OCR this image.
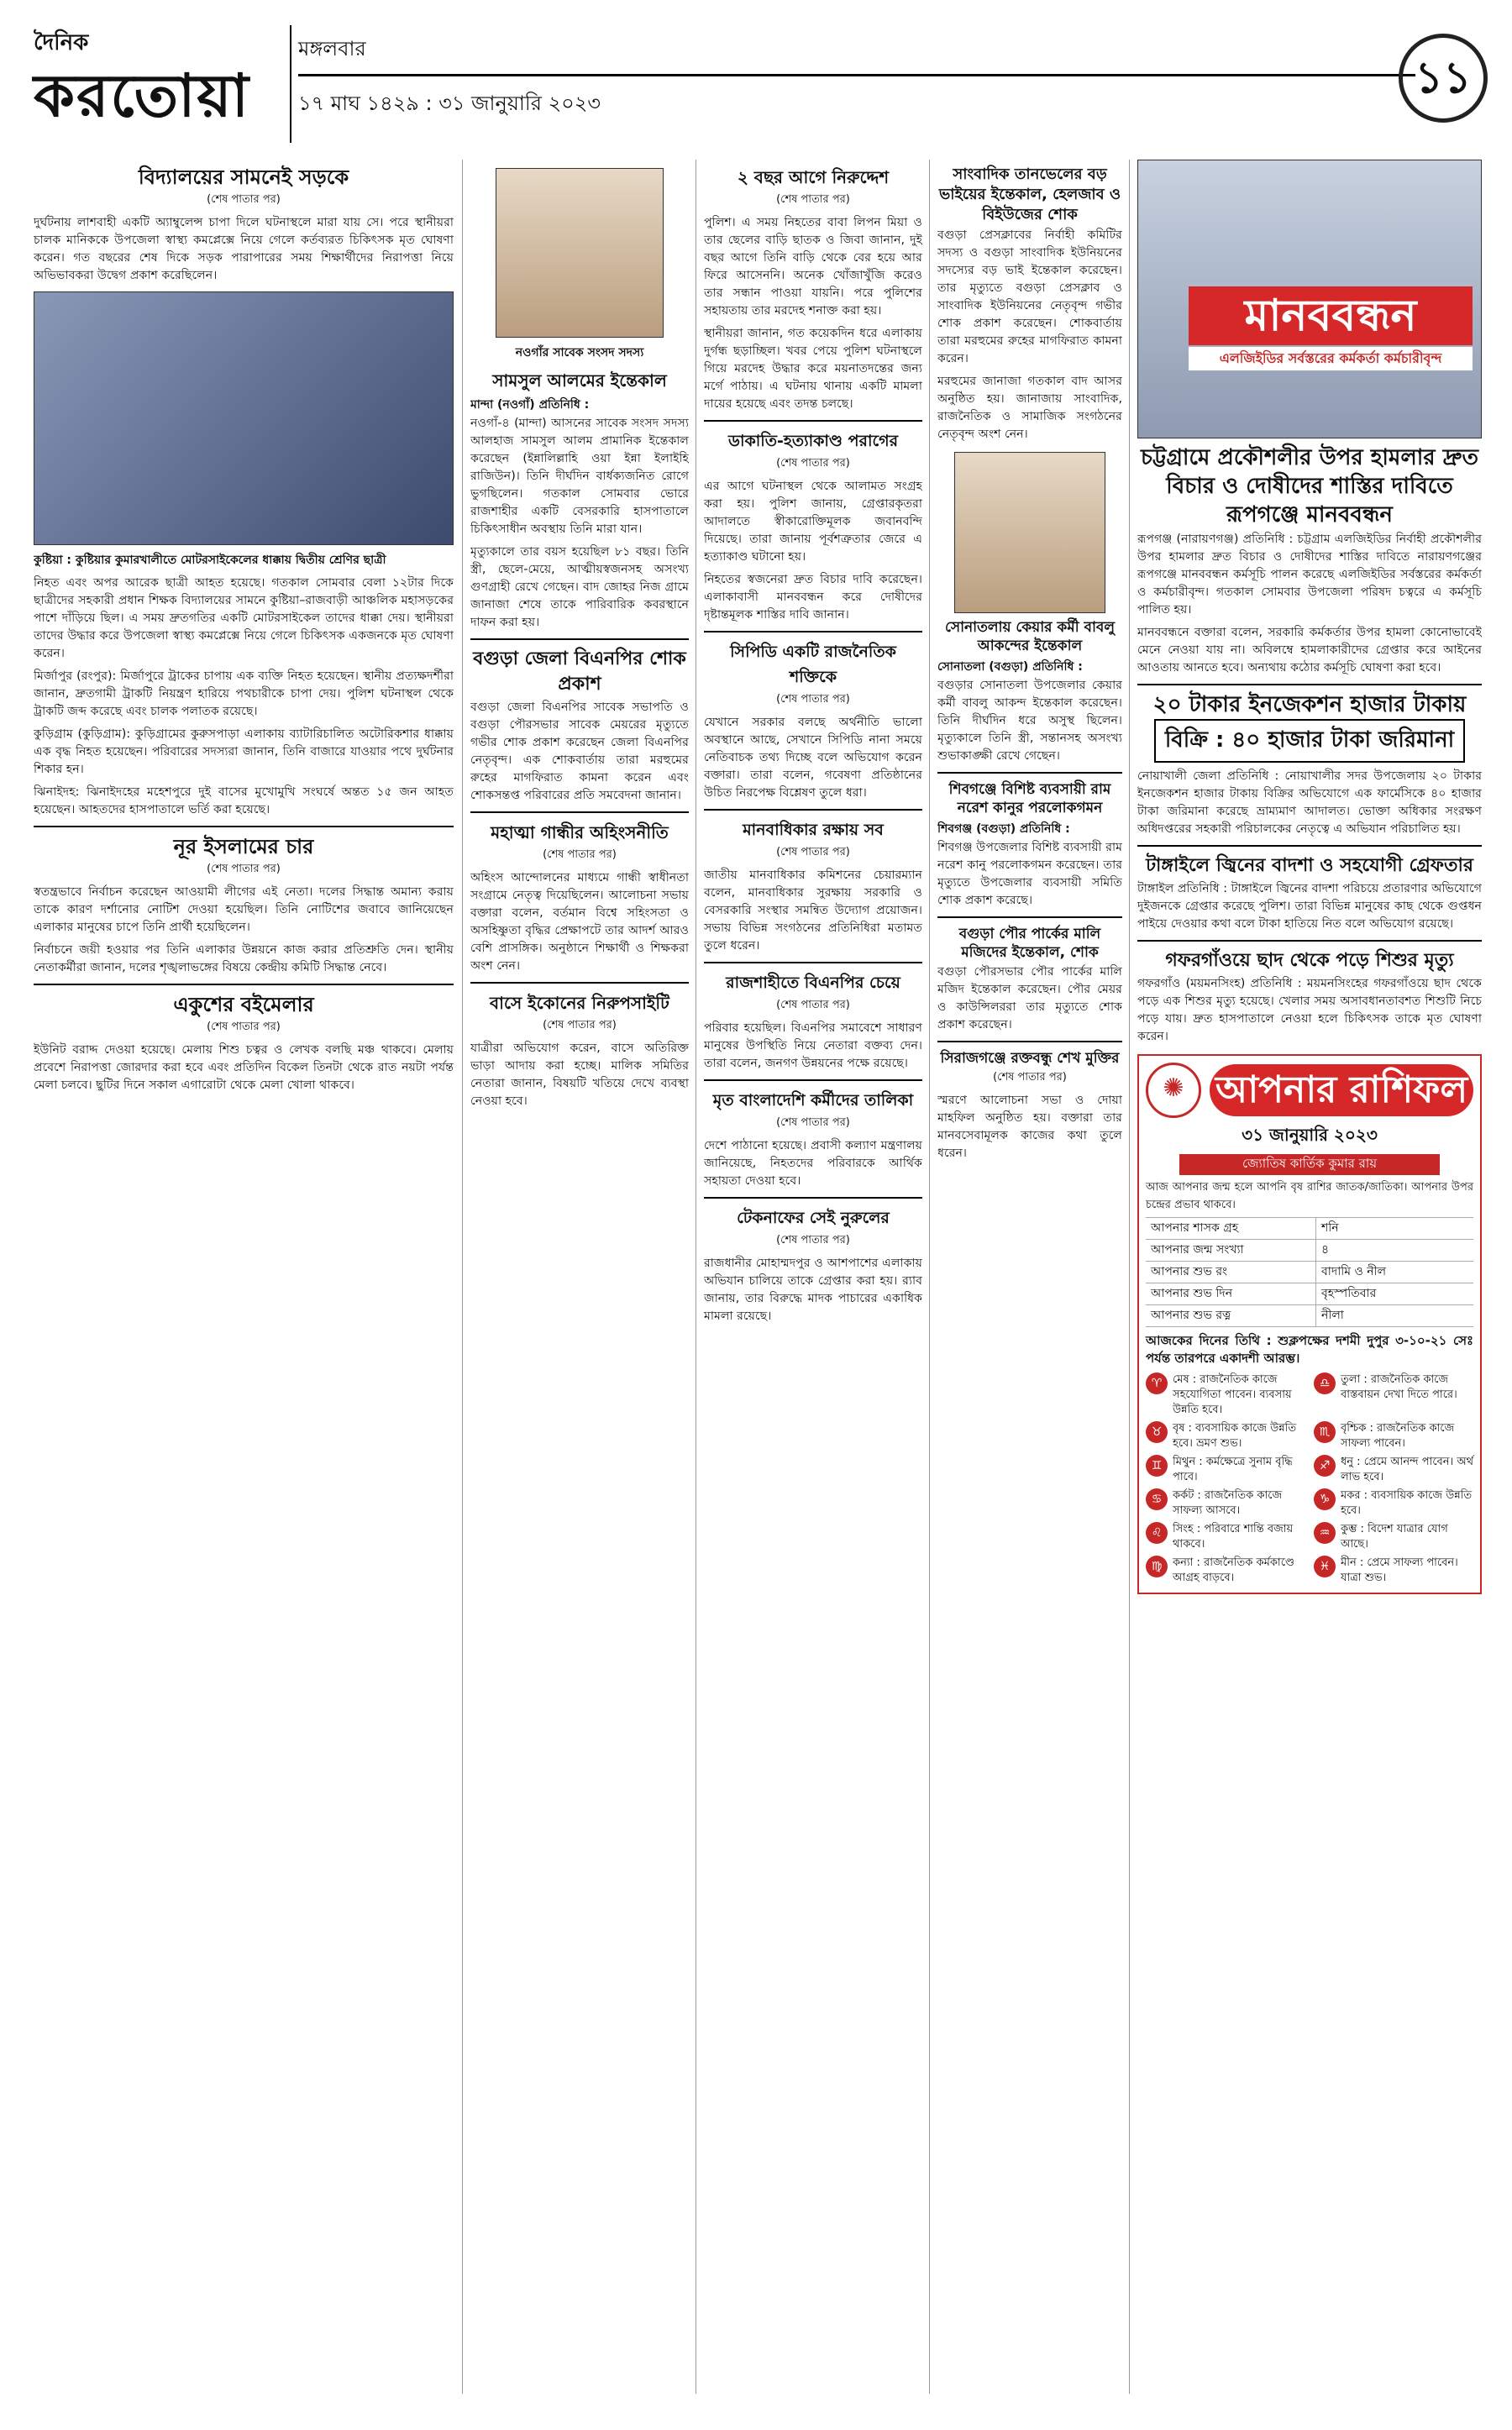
দৈনিক
করতোয়া
মঙ্গলবার
১৭ মাঘ ১৪২৯ : ৩১ জানুয়ারি ২০২৩	১১
বিদ্যালয়ের সামনেই সড়কে
(শেষ পাতার পর)

দুর্ঘটনায় লাশবাহী একটি অ্যাম্বুলেন্স চাপা দিলে ঘটনাস্থলে মারা যায় সে। পরে স্থানীয়রা চালক মানিককে উপজেলা স্বাস্থ্য কমপ্লেক্সে নিয়ে গেলে কর্তব্যরত চিকিৎসক মৃত ঘোষণা করেন। গত বছরের শেষ দিকে সড়ক পারাপারের সময় শিক্ষার্থীদের নিরাপত্তা নিয়ে অভিভাবকরা উদ্বেগ প্রকাশ করেছিলেন।

কুষ্টিয়া : কুষ্টিয়ার কুমারখালীতে মোটরসাইকেলের ধাক্কায় দ্বিতীয় শ্রেণির ছাত্রী

নিহত এবং অপর আরেক ছাত্রী আহত হয়েছে। গতকাল সোমবার বেলা ১২টার দিকে ছাত্রীদের সহকারী প্রধান শিক্ষক বিদ্যালয়ের সামনে কুষ্টিয়া–রাজবাড়ী আঞ্চলিক মহাসড়কের পাশে দাঁড়িয়ে ছিল। এ সময় দ্রুতগতির একটি মোটরসাইকেল তাদের ধাক্কা দেয়। স্থানীয়রা তাদের উদ্ধার করে উপজেলা স্বাস্থ্য কমপ্লেক্সে নিয়ে গেলে চিকিৎসক একজনকে মৃত ঘোষণা করেন।

মির্জাপুর (রংপুর): মির্জাপুরে ট্রাকের চাপায় এক ব্যক্তি নিহত হয়েছেন। স্থানীয় প্রত্যক্ষদর্শীরা জানান, দ্রুতগামী ট্রাকটি নিয়ন্ত্রণ হারিয়ে পথচারীকে চাপা দেয়। পুলিশ ঘটনাস্থল থেকে ট্রাকটি জব্দ করেছে এবং চালক পলাতক রয়েছে।

কুড়িগ্রাম (কুড়িগ্রাম): কুড়িগ্রামের কুরুসপাড়া এলাকায় ব্যাটারিচালিত অটোরিকশার ধাক্কায় এক বৃদ্ধ নিহত হয়েছেন। পরিবারের সদস্যরা জানান, তিনি বাজারে যাওয়ার পথে দুর্ঘটনার শিকার হন।

ঝিনাইদহ: ঝিনাইদহের মহেশপুরে দুই বাসের মুখোমুখি সংঘর্ষে অন্তত ১৫ জন আহত হয়েছেন। আহতদের হাসপাতালে ভর্তি করা হয়েছে।

নূর ইসলামের চার
(শেষ পাতার পর)

স্বতন্ত্রভাবে নির্বাচন করেছেন আওয়ামী লীগের এই নেতা। দলের সিদ্ধান্ত অমান্য করায় তাকে কারণ দর্শানোর নোটিশ দেওয়া হয়েছিল। তিনি নোটিশের জবাবে জানিয়েছেন এলাকার মানুষের চাপে তিনি প্রার্থী হয়েছিলেন।

নির্বাচনে জয়ী হওয়ার পর তিনি এলাকার উন্নয়নে কাজ করার প্রতিশ্রুতি দেন। স্থানীয় নেতাকর্মীরা জানান, দলের শৃঙ্খলাভঙ্গের বিষয়ে কেন্দ্রীয় কমিটি সিদ্ধান্ত নেবে।

একুশের বইমেলার
(শেষ পাতার পর)

ইউনিট বরাদ্দ দেওয়া হয়েছে। মেলায় শিশু চত্বর ও লেখক বলছি মঞ্চ থাকবে। মেলায় প্রবেশে নিরাপত্তা জোরদার করা হবে এবং প্রতিদিন বিকেল তিনটা থেকে রাত নয়টা পর্যন্ত মেলা চলবে। ছুটির দিনে সকাল এগারোটা থেকে মেলা খোলা থাকবে।

নওগাঁর সাবেক সংসদ সদস্য
সামসুল আলমের ইন্তেকাল
মান্দা (নওগাঁ) প্রতিনিধি :

নওগাঁ-৪ (মান্দা) আসনের সাবেক সংসদ সদস্য আলহাজ সামসুল আলম প্রামানিক ইন্তেকাল করেছেন (ইন্নালিল্লাহি ওয়া ইন্না ইলাইহি রাজিউন)। তিনি দীর্ঘদিন বার্ধক্যজনিত রোগে ভুগছিলেন। গতকাল সোমবার ভোরে রাজশাহীর একটি বেসরকারি হাসপাতালে চিকিৎসাধীন অবস্থায় তিনি মারা যান।

মৃত্যুকালে তার বয়স হয়েছিল ৮১ বছর। তিনি স্ত্রী, ছেলে-মেয়ে, আত্মীয়স্বজনসহ অসংখ্য গুণগ্রাহী রেখে গেছেন। বাদ জোহর নিজ গ্রামে জানাজা শেষে তাকে পারিবারিক কবরস্থানে দাফন করা হয়।

বগুড়া জেলা বিএনপির শোক প্রকাশ

বগুড়া জেলা বিএনপির সাবেক সভাপতি ও বগুড়া পৌরসভার সাবেক মেয়রের মৃত্যুতে গভীর শোক প্রকাশ করেছেন জেলা বিএনপির নেতৃবৃন্দ। এক শোকবার্তায় তারা মরহুমের রুহের মাগফিরাত কামনা করেন এবং শোকসন্তপ্ত পরিবারের প্রতি সমবেদনা জানান।

মহাত্মা গান্ধীর অহিংসনীতি
(শেষ পাতার পর)

অহিংস আন্দোলনের মাধ্যমে গান্ধী স্বাধীনতা সংগ্রামে নেতৃত্ব দিয়েছিলেন। আলোচনা সভায় বক্তারা বলেন, বর্তমান বিশ্বে সহিংসতা ও অসহিষ্ণুতা বৃদ্ধির প্রেক্ষাপটে তার আদর্শ আরও বেশি প্রাসঙ্গিক। অনুষ্ঠানে শিক্ষার্থী ও শিক্ষকরা অংশ নেন।

বাসে ইকোনের নিরুপসাইটি
(শেষ পাতার পর)

যাত্রীরা অভিযোগ করেন, বাসে অতিরিক্ত ভাড়া আদায় করা হচ্ছে। মালিক সমিতির নেতারা জানান, বিষয়টি খতিয়ে দেখে ব্যবস্থা নেওয়া হবে।

২ বছর আগে নিরুদ্দেশ
(শেষ পাতার পর)

পুলিশ। এ সময় নিহতের বাবা লিপন মিয়া ও তার ছেলের বাড়ি ছাতক ও জিবা জানান, দুই বছর আগে তিনি বাড়ি থেকে বের হয়ে আর ফিরে আসেননি। অনেক খোঁজাখুঁজি করেও তার সন্ধান পাওয়া যায়নি। পরে পুলিশের সহায়তায় তার মরদেহ শনাক্ত করা হয়।

স্থানীয়রা জানান, গত কয়েকদিন ধরে এলাকায় দুর্গন্ধ ছড়াচ্ছিল। খবর পেয়ে পুলিশ ঘটনাস্থলে গিয়ে মরদেহ উদ্ধার করে ময়নাতদন্তের জন্য মর্গে পাঠায়। এ ঘটনায় থানায় একটি মামলা দায়ের হয়েছে এবং তদন্ত চলছে।

ডাকাতি-হত্যাকাণ্ড পরাগের
(শেষ পাতার পর)

এর আগে ঘটনাস্থল থেকে আলামত সংগ্রহ করা হয়। পুলিশ জানায়, গ্রেপ্তারকৃতরা আদালতে স্বীকারোক্তিমূলক জবানবন্দি দিয়েছে। তারা জানায় পূর্বশত্রুতার জেরে এ হত্যাকাণ্ড ঘটানো হয়।

নিহতের স্বজনেরা দ্রুত বিচার দাবি করেছেন। এলাকাবাসী মানববন্ধন করে দোষীদের দৃষ্টান্তমূলক শাস্তির দাবি জানান।

সিপিডি একটি রাজনৈতিক শক্তিকে
(শেষ পাতার পর)

যেখানে সরকার বলছে অর্থনীতি ভালো অবস্থানে আছে, সেখানে সিপিডি নানা সময়ে নেতিবাচক তথ্য দিচ্ছে বলে অভিযোগ করেন বক্তারা। তারা বলেন, গবেষণা প্রতিষ্ঠানের উচিত নিরপেক্ষ বিশ্লেষণ তুলে ধরা।

মানবাধিকার রক্ষায় সব
(শেষ পাতার পর)

জাতীয় মানবাধিকার কমিশনের চেয়ারম্যান বলেন, মানবাধিকার সুরক্ষায় সরকারি ও বেসরকারি সংস্থার সমন্বিত উদ্যোগ প্রয়োজন। সভায় বিভিন্ন সংগঠনের প্রতিনিধিরা মতামত তুলে ধরেন।

রাজশাহীতে বিএনপির চেয়ে
(শেষ পাতার পর)

পরিবার হয়েছিল। বিএনপির সমাবেশে সাধারণ মানুষের উপস্থিতি নিয়ে নেতারা বক্তব্য দেন। তারা বলেন, জনগণ উন্নয়নের পক্ষে রয়েছে।

মৃত বাংলাদেশি কর্মীদের তালিকা
(শেষ পাতার পর)

দেশে পাঠানো হয়েছে। প্রবাসী কল্যাণ মন্ত্রণালয় জানিয়েছে, নিহতদের পরিবারকে আর্থিক সহায়তা দেওয়া হবে।

টেকনাফের সেই নুরুলের
(শেষ পাতার পর)

রাজধানীর মোহাম্মদপুর ও আশপাশের এলাকায় অভিযান চালিয়ে তাকে গ্রেপ্তার করা হয়। র‍্যাব জানায়, তার বিরুদ্ধে মাদক পাচারের একাধিক মামলা রয়েছে।

সাংবাদিক তানভেলের বড় ভাইয়ের ইন্তেকাল, হেলজাব ও বিইউজের শোক

বগুড়া প্রেসক্লাবের নির্বাহী কমিটির সদস্য ও বগুড়া সাংবাদিক ইউনিয়নের সদস্যের বড় ভাই ইন্তেকাল করেছেন। তার মৃত্যুতে বগুড়া প্রেসক্লাব ও সাংবাদিক ইউনিয়নের নেতৃবৃন্দ গভীর শোক প্রকাশ করেছেন। শোকবার্তায় তারা মরহুমের রুহের মাগফিরাত কামনা করেন।

মরহুমের জানাজা গতকাল বাদ আসর অনুষ্ঠিত হয়। জানাজায় সাংবাদিক, রাজনৈতিক ও সামাজিক সংগঠনের নেতৃবৃন্দ অংশ নেন।

সোনাতলায় কেয়ার কর্মী বাবলু আকন্দের ইন্তেকাল
সোনাতলা (বগুড়া) প্রতিনিধি :

বগুড়ার সোনাতলা উপজেলার কেয়ার কর্মী বাবলু আকন্দ ইন্তেকাল করেছেন। তিনি দীর্ঘদিন ধরে অসুস্থ ছিলেন। মৃত্যুকালে তিনি স্ত্রী, সন্তানসহ অসংখ্য শুভাকাঙ্ক্ষী রেখে গেছেন।

শিবগঞ্জে বিশিষ্ট ব্যবসায়ী রাম নরেশ কানুর পরলোকগমন
শিবগঞ্জ (বগুড়া) প্রতিনিধি :

শিবগঞ্জ উপজেলার বিশিষ্ট ব্যবসায়ী রাম নরেশ কানু পরলোকগমন করেছেন। তার মৃত্যুতে উপজেলার ব্যবসায়ী সমিতি শোক প্রকাশ করেছে।

বগুড়া পৌর পার্কের মালি মজিদের ইন্তেকাল, শোক

বগুড়া পৌরসভার পৌর পার্কের মালি মজিদ ইন্তেকাল করেছেন। পৌর মেয়র ও কাউন্সিলররা তার মৃত্যুতে শোক প্রকাশ করেছেন।

সিরাজগঞ্জে রক্তবন্ধু শেখ মুক্তির
(শেষ পাতার পর)

স্মরণে আলোচনা সভা ও দোয়া মাহফিল অনুষ্ঠিত হয়। বক্তারা তার মানবসেবামূলক কাজের কথা তুলে ধরেন।

মানববন্ধন
এলজিইডির সর্বস্তরের কর্মকর্তা কর্মচারীবৃন্দ
চট্টগ্রামে প্রকৌশলীর উপর হামলার দ্রুত বিচার ও দোষীদের শাস্তির দাবিতে রূপগঞ্জে মানববন্ধন

রূপগঞ্জ (নারায়ণগঞ্জ) প্রতিনিধি : চট্টগ্রাম এলজিইডির নির্বাহী প্রকৌশলীর উপর হামলার দ্রুত বিচার ও দোষীদের শাস্তির দাবিতে নারায়ণগঞ্জের রূপগঞ্জে মানববন্ধন কর্মসূচি পালন করেছে এলজিইডির সর্বস্তরের কর্মকর্তা ও কর্মচারীবৃন্দ। গতকাল সোমবার উপজেলা পরিষদ চত্বরে এ কর্মসূচি পালিত হয়।

মানববন্ধনে বক্তারা বলেন, সরকারি কর্মকর্তার উপর হামলা কোনোভাবেই মেনে নেওয়া যায় না। অবিলম্বে হামলাকারীদের গ্রেপ্তার করে আইনের আওতায় আনতে হবে। অন্যথায় কঠোর কর্মসূচি ঘোষণা করা হবে।

২০ টাকার ইনজেকশন হাজার টাকায়
বিক্রি : ৪০ হাজার টাকা জরিমানা

নোয়াখালী জেলা প্রতিনিধি : নোয়াখালীর সদর উপজেলায় ২০ টাকার ইনজেকশন হাজার টাকায় বিক্রির অভিযোগে এক ফার্মেসিকে ৪০ হাজার টাকা জরিমানা করেছে ভ্রাম্যমাণ আদালত। ভোক্তা অধিকার সংরক্ষণ অধিদপ্তরের সহকারী পরিচালকের নেতৃত্বে এ অভিযান পরিচালিত হয়।

টাঙ্গাইলে জ্বিনের বাদশা ও সহযোগী গ্রেফতার

টাঙ্গাইল প্রতিনিধি : টাঙ্গাইলে জ্বিনের বাদশা পরিচয়ে প্রতারণার অভিযোগে দুইজনকে গ্রেপ্তার করেছে পুলিশ। তারা বিভিন্ন মানুষের কাছ থেকে গুপ্তধন পাইয়ে দেওয়ার কথা বলে টাকা হাতিয়ে নিত বলে অভিযোগ রয়েছে।

গফরগাঁওয়ে ছাদ থেকে পড়ে শিশুর মৃত্যু

গফরগাঁও (ময়মনসিংহ) প্রতিনিধি : ময়মনসিংহের গফরগাঁওয়ে ছাদ থেকে পড়ে এক শিশুর মৃত্যু হয়েছে। খেলার সময় অসাবধানতাবশত শিশুটি নিচে পড়ে যায়। দ্রুত হাসপাতালে নেওয়া হলে চিকিৎসক তাকে মৃত ঘোষণা করেন।

✺ আপনার রাশিফল
৩১ জানুয়ারি ২০২৩
জ্যোতিষ কার্তিক কুমার রায়

আজ আপনার জন্ম হলে আপনি বৃষ রাশির জাতক/জাতিকা। আপনার উপর চন্দ্রের প্রভাব থাকবে।

আপনার শাসক গ্রহ	শনি
আপনার জন্ম সংখ্যা	৪
আপনার শুভ রং	বাদামি ও নীল
আপনার শুভ দিন	বৃহস্পতিবার
আপনার শুভ রত্ন	নীলা

আজকের দিনের তিথি : শুক্লপক্ষের দশমী দুপুর ৩-১০-২১ সেঃ পর্যন্ত তারপরে একাদশী আরম্ভ।

♈ মেষ : রাজনৈতিক কাজে সহযোগিতা পাবেন। ব্যবসায় উন্নতি হবে।
♎ তুলা : রাজনৈতিক কাজে বাস্তবায়ন দেখা দিতে পারে।
♉ বৃষ : ব্যবসায়িক কাজে উন্নতি হবে। ভ্রমণ শুভ।
♏ বৃশ্চিক : রাজনৈতিক কাজে সাফল্য পাবেন।
♊ মিথুন : কর্মক্ষেত্রে সুনাম বৃদ্ধি পাবে।
♐ ধনু : প্রেমে আনন্দ পাবেন। অর্থ লাভ হবে।
♋ কর্কট : রাজনৈতিক কাজে সাফল্য আসবে।
♑ মকর : ব্যবসায়িক কাজে উন্নতি হবে।
♌ সিংহ : পরিবারে শান্তি বজায় থাকবে।
♒ কুম্ভ : বিদেশ যাত্রার যোগ আছে।
♍ কন্যা : রাজনৈতিক কর্মকাণ্ডে আগ্রহ বাড়বে।
♓ মীন : প্রেমে সাফল্য পাবেন। যাত্রা শুভ।
